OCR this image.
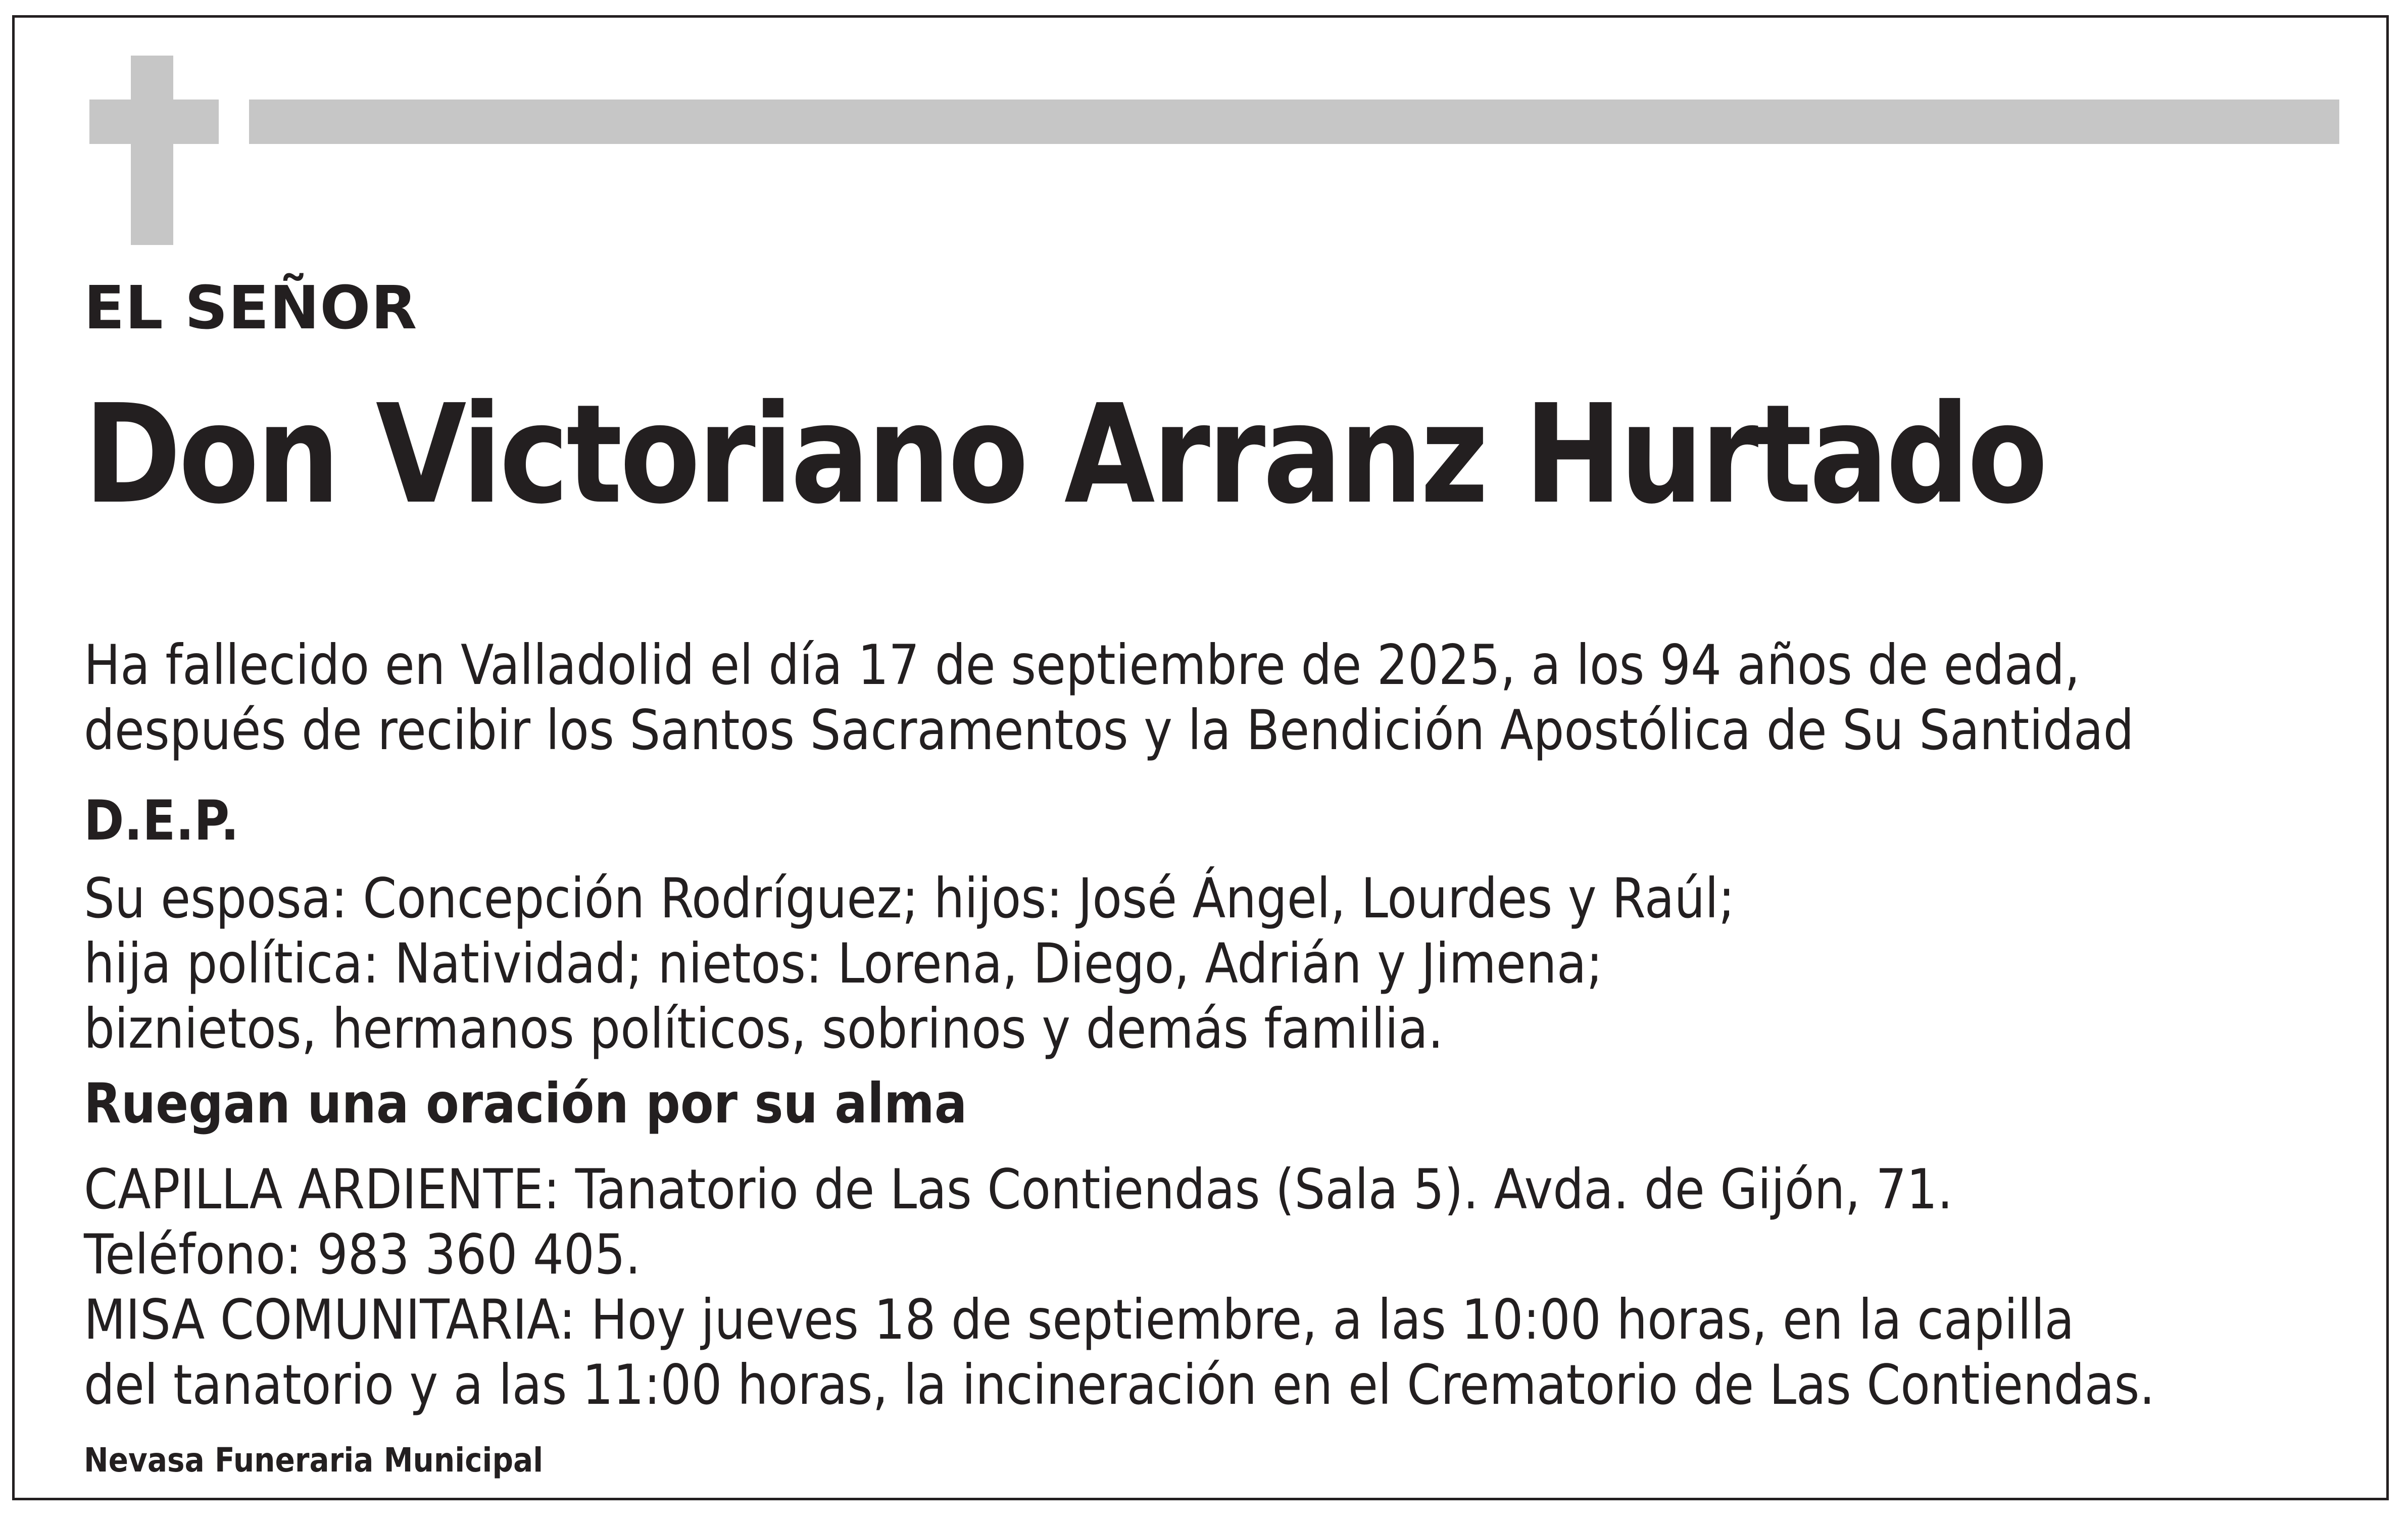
EL SEÑOR

Don Victoriano Arranz Hurtado

Ha fallecido en Valladolid el día 17 de septiembre de 2025, a los 94 años de edad,
después de recibir los Santos Sacramentos y la Bendición Apostólica de Su Santidad

D.E.P.

Su esposa: Concepción Rodríguez; hijos: José Ángel, Lourdes y Raúl;
hija política: Natividad; nietos: Lorena, Diego, Adrián y Jimena;
biznietos, hermanos políticos, sobrinos y demás familia.

Ruegan una oración por su alma

CAPILLA ARDIENTE: Tanatorio de Las Contiendas (Sala 5). Avda. de Gijón, 71.
Teléfono: 983 360 405.
MISA COMUNITARIA: Hoy jueves 18 de septiembre, a las 10:00 horas, en la capilla
del tanatorio y a las 11:00 horas, la incineración en el Crematorio de Las Contiendas.

Nevasa Funeraria Municipal
